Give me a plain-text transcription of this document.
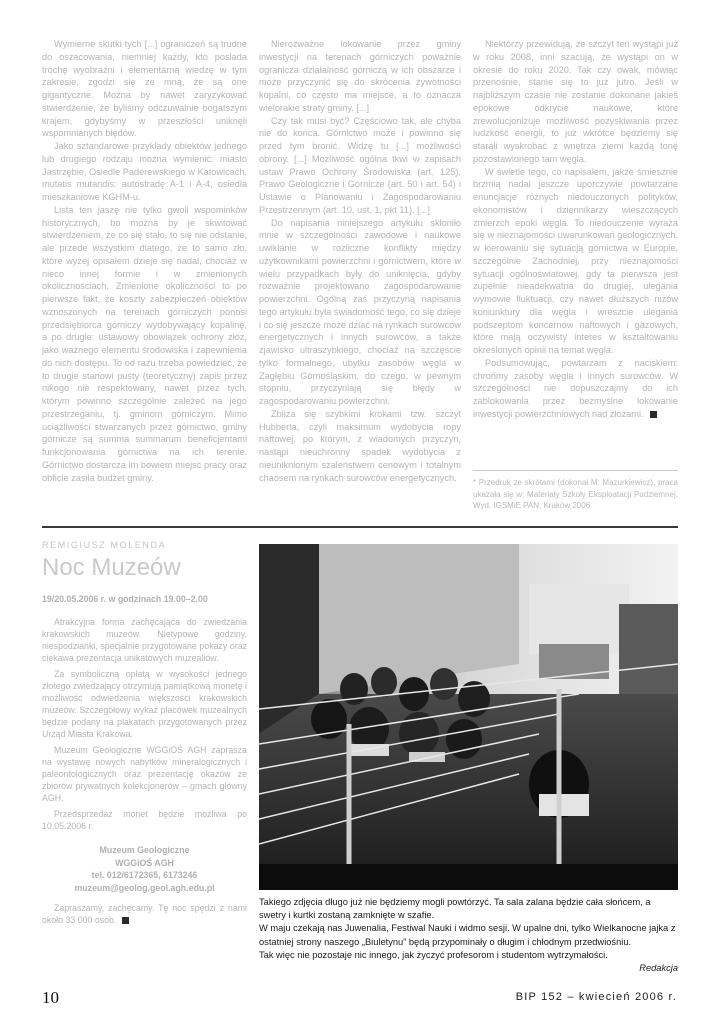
Wymierne skutki tych [...] ograniczeń są trudne do oszacowania, niemniej każdy, kto posiada trochę wyobraźni i elementarną wiedzę w tym zakresie, zgodzi się ze mną, że są one gigantyczne. Można by nawet zaryzykować stwierdzenie, że byliśmy odczuwalnie bogatszym krajem, gdybyśmy w przeszłości uniknęli wspomnianych błędów.

Jako sztandarowe przykłady obiektów jednego lub drugiego rodzaju można wymienić: miasto Jastrzębie, Osiedle Paderewskiego w Katowicach, mutatis mutandis: autostradę A-1 i A-4, osiedla mieszkaniowe KGHM-u.

Lista ten jaszę nie tylko gwoli wspominków historycznych, bo można by je skwitować stwierdzeniem, że co się stało, to się nie odstanie, ale przede wszystkim dlatego, że to samo zło, które wyżej opisałem dzieje się nadal, chociaż w nieco innej formie i w zmienionych okolicznościach. Zmienione okoliczności to po pierwsze fakt, że koszty zabezpieczeń obiektów wznoszonych na terenach górniczych ponosi przedsiębiorca górniczy wydobywający kopalinę, a po drugie: ustawowy obowiązek ochrony złóż, jako ważnego elementu środowiska i zapewnienia do nich dostępu. To od razu trzeba powiedzieć, że to drugie stanowi pusty (teoretyczny) zapis przez nikogo nie respektowany, nawet przez tych, którym powinno szczególnie zależeć na jego przestrzeganiu, tj. gminom górniczym. Mimo uciążliwości stwarzanych przez górnictwo, gminy górnicze są summa summarum beneficjentami funkcjonowania górnictwa na ich terenie. Górnictwo dostarcza im bowiem miejsc pracy oraz obficie zasila budżet gminy.

Nierozważne lokowanie przez gminy inwestycji na terenach górniczych poważnie ogranicza działalność górniczą w ich obszarze i może przyczynić się do skrócenia żywotności kopalni, co często ma miejsce, a to oznacza wielorakie straty gminy. [...]

Czy tak musi być? Częściowo tak, ale chyba nie do końca. Górnictwo może i powinno się przed tym bronić. Widzę tu [...] możliwości obrony. [...] Możliwość ogólna tkwi w zapisach ustaw Prawo Ochrony Środowiska (art. 125), Prawo Geologiczne i Górnicze (art. 50 i art. 54) i Ustawie o Planowaniu i Zagospodarowaniu Przestrzennym (art. 10, ust. 1, pkt 11). [...]

Do napisania niniejszego artykułu skłoniło mnie w szczególności zawodowe i naukowe uwikłanie w rozliczne konflikty między użytkownikami powierzchni i górnictwem, które w wielu przypadkach były do uniknięcia, gdyby rozważnie projektowano zagospodarowanie powierzchni. Ogólną zaś przyczyną napisania tego artykułu była świadomość tego, co się dzieje i co się jeszcze może dziać na rynkach surowców energetycznych i innych surowców, a także zjawisko ultraszybkiego, chociaż na szczęście tylko formalnego, ubytku zasobów węgla w Zagłębiu Górnośląskim, do czego, w pewnym stopniu, przyczyniają się błędy w zagospodarowaniu powierzchni.

Zbliża się szybkimi krokami tzw. szczyt Hubberta, czyli maksimum wydobycia ropy naftowej, po którym, z wiadomych przyczyn, nastąpi nieuchronny spadek wydobycia z nieuniknionym szaleństwem cenowym i totalnym chaosem na rynkach surowców energetycznych.

Niektórzy przewidują, że szczyt ten wystąpi już w roku 2008, inni szacują, że wystąpi on w okresie do roku 2020. Tak czy owak, mówiąc przenośnie, stanie się to już jutro. Jeśli w najbliższym czasie nie zostanie dokonane jakieś epokowe odkrycie naukowe, które zrewolucjonizuje możliwość pozyskiwania przez ludzkość energii, to już wkrótce będziemy się starali wyskrobać z wnętrza ziemi każdą tonę pozostawionego tam węgla.

W świetle tego, co napisałem, jakże śmiesznie brzmią nadal jeszcze uporczywie powtarzane enuncjacje różnych niedouczonych polityków, ekonomistów i dziennikarzy wieszczących zmierzch epoki węgla. To niedouczenie wyraża się w nieznajomości uwarunkowań geologicznych, w kierowaniu się sytuacją górnictwa w Europie, szczególnie Zachodniej, przy nieznajomości sytuacji ogólnoświatowej, gdy ta pierwsza jest zupełnie nieadekwatna do drugiej, ulegania wymowie fluktuacji, czy nawet dłuższych niżów koniunktury dla węgla i wreszcie ulegania podszeptom koncernów naftowych i gazowych, które mają oczywisty interes w kształtowaniu określonych opinii na temat węgla.

Podsumowując, powtarzam z naciskiem: chrońmy zasoby węgla i innych surowców. W szczególności nie dopuszczajmy do ich zablokowania przez bezmyślne lokowanie inwestycji powierzchniowych nad złożami.

* Przedruk ze skrótami (dokonał M. Mazurkiewicz), praca ukazała się w: Materiały Szkoły Eksploatacji Podziemnej, Wyd. IGSMiE PAN, Kraków 2006
REMIGIUSZ MOLENDA
Noc Muzeów
19/20.05.2006 r. w godzinach 19.00–2.00

Atrakcyjna forma zachęcająca do zwiedzania krakowskich muzeów. Nietypowe godziny, niespodzianki, specjalnie przygotowane pokazy oraz ciekawa prezentacja unikatowych muzealiów.

Za symboliczną opłatą w wysokości jednego złotego zwiedzający otrzymują pamiątkową monetę i możliwość odwiedzenia większości krakowskich muzeów. Szczegółowy wykaz placówek muzealnych będzie podany na plakatach przygotowanych przez Urząd Miasta Krakowa.

Muzeum Geologiczne WGGiOŚ AGH zaprasza na wystawę nowych nabytków mineralogicznych i paleontologicznych oraz prezentację okazów ze zbiorów prywatnych kolekcjonerów – gmach główny AGH.

Przedsprzedaż monet będzie możliwa po 10.05.2006 r.

Muzeum Geologiczne
WGGiOŚ AGH
tel. 012/6172365, 6173246
muzeum@geolog.geol.agh.edu.pl

Zapraszamy, zachęcamy. Tę noc spędzi z nami około 33 000 osób.

Takiego zdjęcia długo już nie będziemy mogli powtórzyć. Ta sala zalana będzie cała słońcem, a swetry i kurtki zostaną zamknięte w szafie.

W maju czekają nas Juwenalia, Festiwal Nauki i widmo sesji. W upalne dni, tylko Wielkanocne jajka z ostatniej strony naszego „Biuletynu” będą przypominały o długim i chłodnym przedwiośniu.

Tak więc nie pozostaje nic innego, jak życzyć profesorom i studentom wytrzymałości.

Redakcja

10	BIP 152 – kwiecień 2006 r.
